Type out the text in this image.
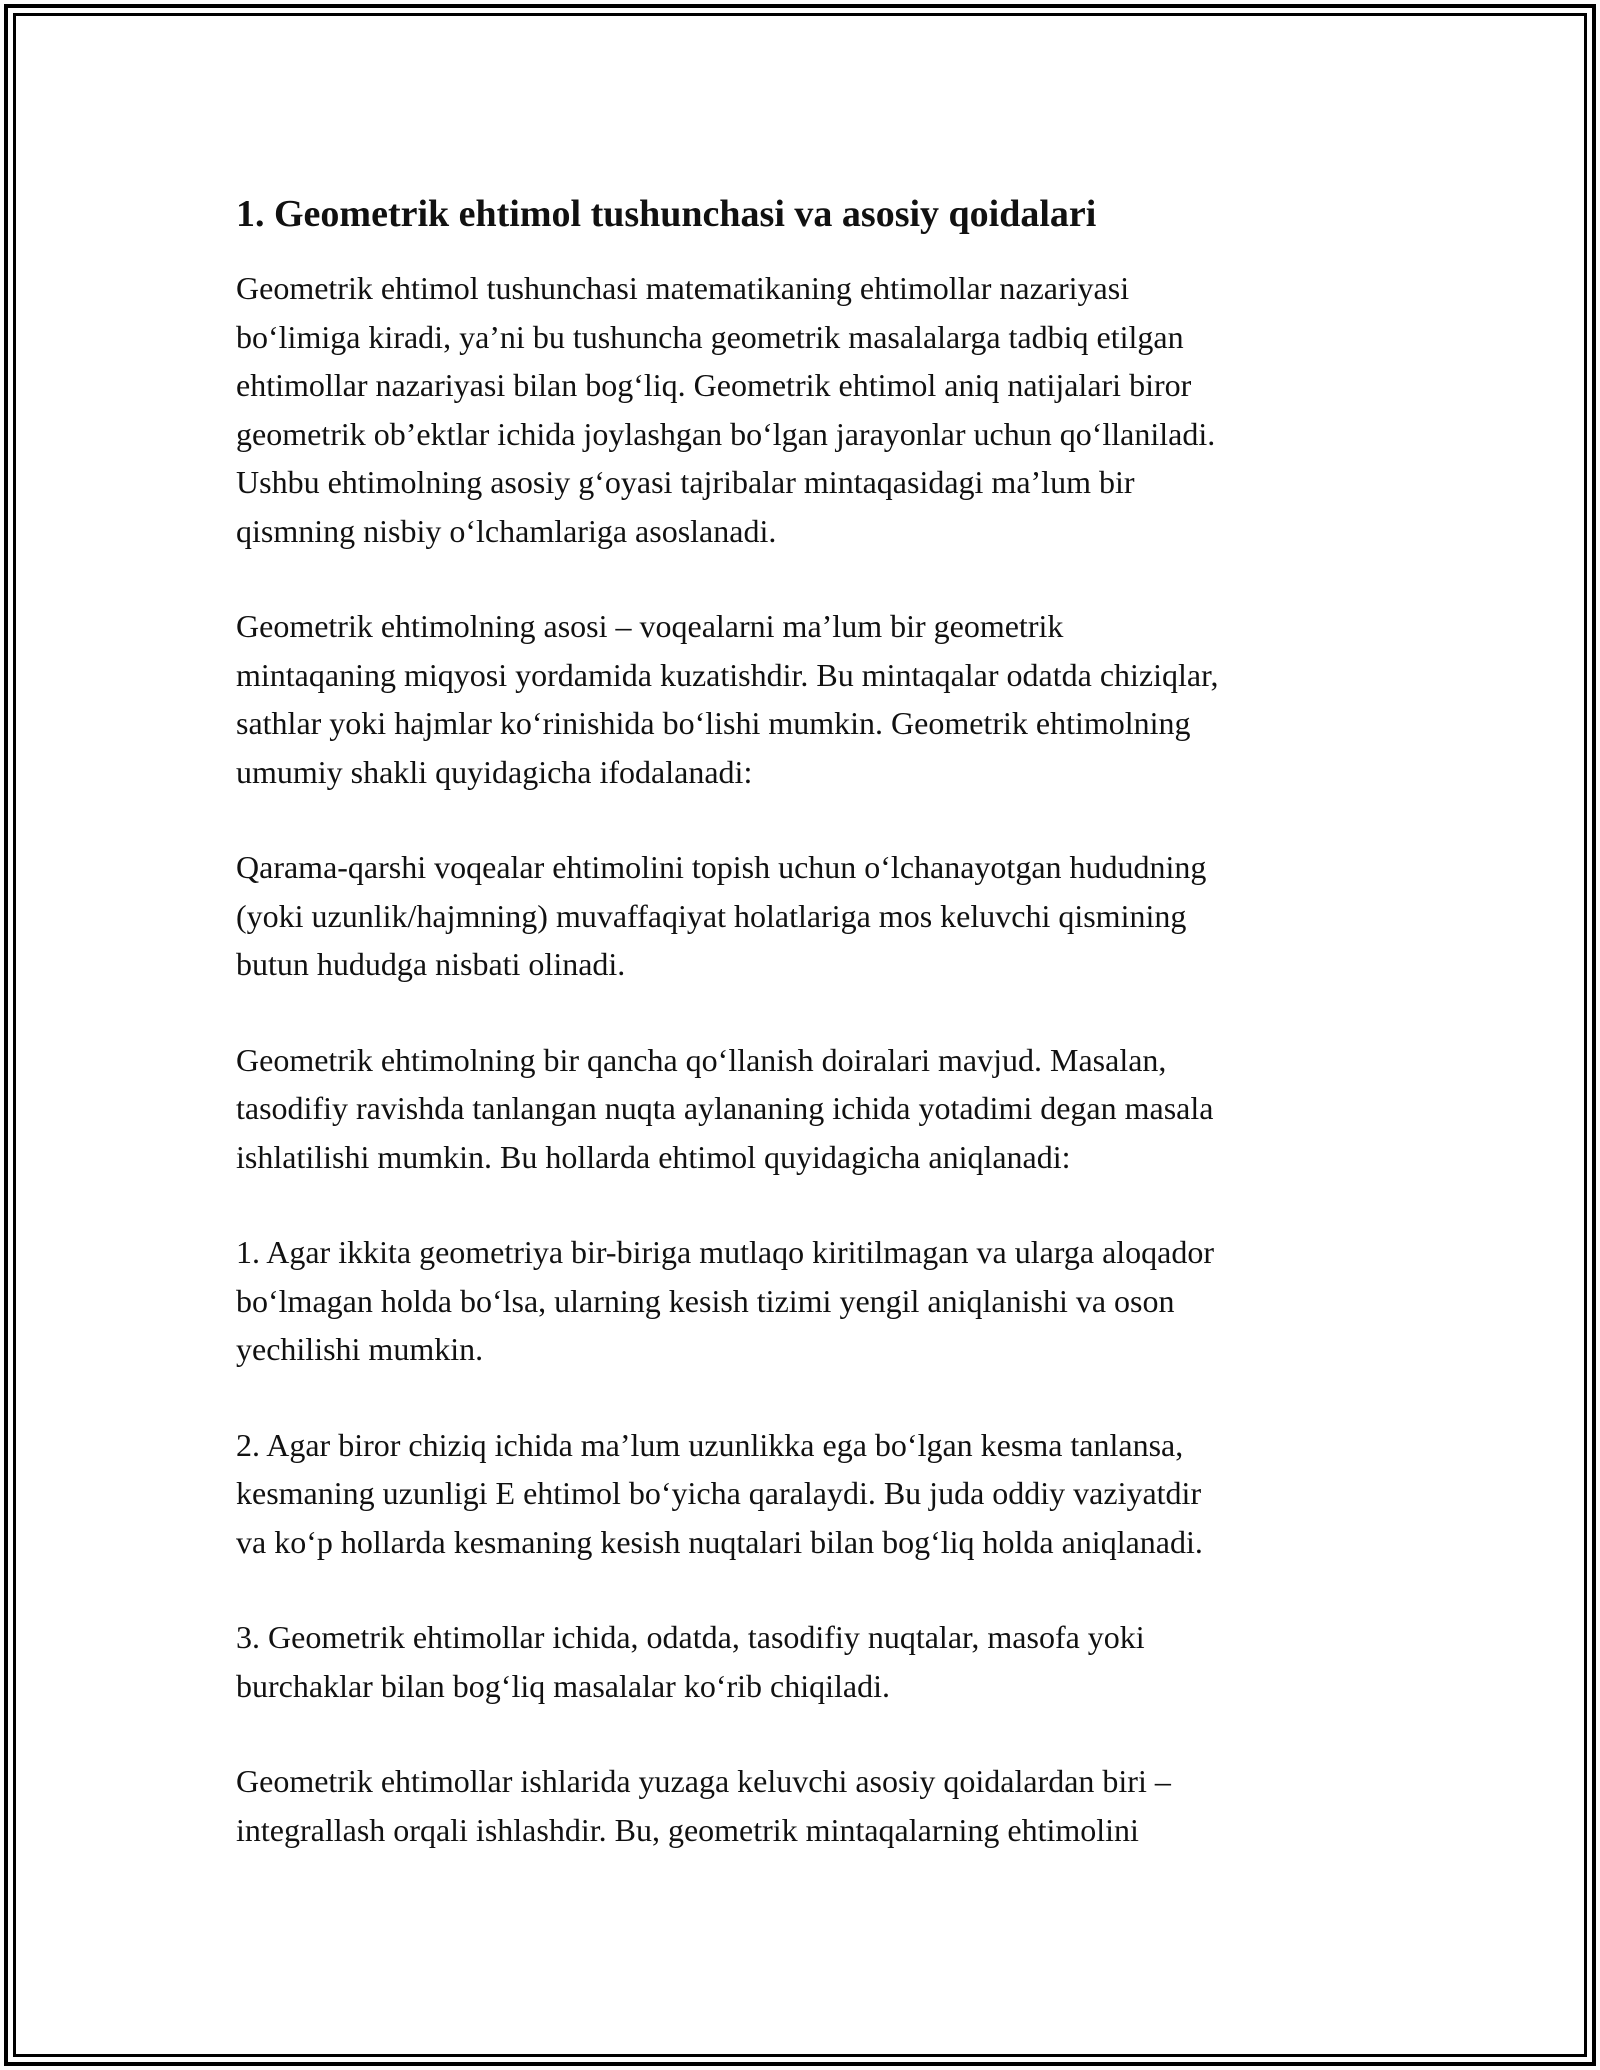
1. Geometrik ehtimol tushunchasi va asosiy qoidalari

Geometrik ehtimol tushunchasi matematikaning ehtimollar nazariyasi
bo‘limiga kiradi, ya’ni bu tushuncha geometrik masalalarga tadbiq etilgan
ehtimollar nazariyasi bilan bog‘liq. Geometrik ehtimol aniq natijalari biror
geometrik ob’ektlar ichida joylashgan bo‘lgan jarayonlar uchun qo‘llaniladi.
Ushbu ehtimolning asosiy g‘oyasi tajribalar mintaqasidagi ma’lum bir
qismning nisbiy o‘lchamlariga asoslanadi.

Geometrik ehtimolning asosi – voqealarni ma’lum bir geometrik
mintaqaning miqyosi yordamida kuzatishdir. Bu mintaqalar odatda chiziqlar,
sathlar yoki hajmlar ko‘rinishida bo‘lishi mumkin. Geometrik ehtimolning
umumiy shakli quyidagicha ifodalanadi:

Qarama-qarshi voqealar ehtimolini topish uchun o‘lchanayotgan hududning
(yoki uzunlik/hajmning) muvaffaqiyat holatlariga mos keluvchi qismining
butun hududga nisbati olinadi.

Geometrik ehtimolning bir qancha qo‘llanish doiralari mavjud. Masalan,
tasodifiy ravishda tanlangan nuqta aylananing ichida yotadimi degan masala
ishlatilishi mumkin. Bu hollarda ehtimol quyidagicha aniqlanadi:

1. Agar ikkita geometriya bir-biriga mutlaqo kiritilmagan va ularga aloqador
bo‘lmagan holda bo‘lsa, ularning kesish tizimi yengil aniqlanishi va oson
yechilishi mumkin.

2. Agar biror chiziq ichida ma’lum uzunlikka ega bo‘lgan kesma tanlansa,
kesmaning uzunligi E ehtimol bo‘yicha qaralaydi. Bu juda oddiy vaziyatdir
va ko‘p hollarda kesmaning kesish nuqtalari bilan bog‘liq holda aniqlanadi.

3. Geometrik ehtimollar ichida, odatda, tasodifiy nuqtalar, masofa yoki
burchaklar bilan bog‘liq masalalar ko‘rib chiqiladi.

Geometrik ehtimollar ishlarida yuzaga keluvchi asosiy qoidalardan biri –
integrallash orqali ishlashdir. Bu, geometrik mintaqalarning ehtimolini
